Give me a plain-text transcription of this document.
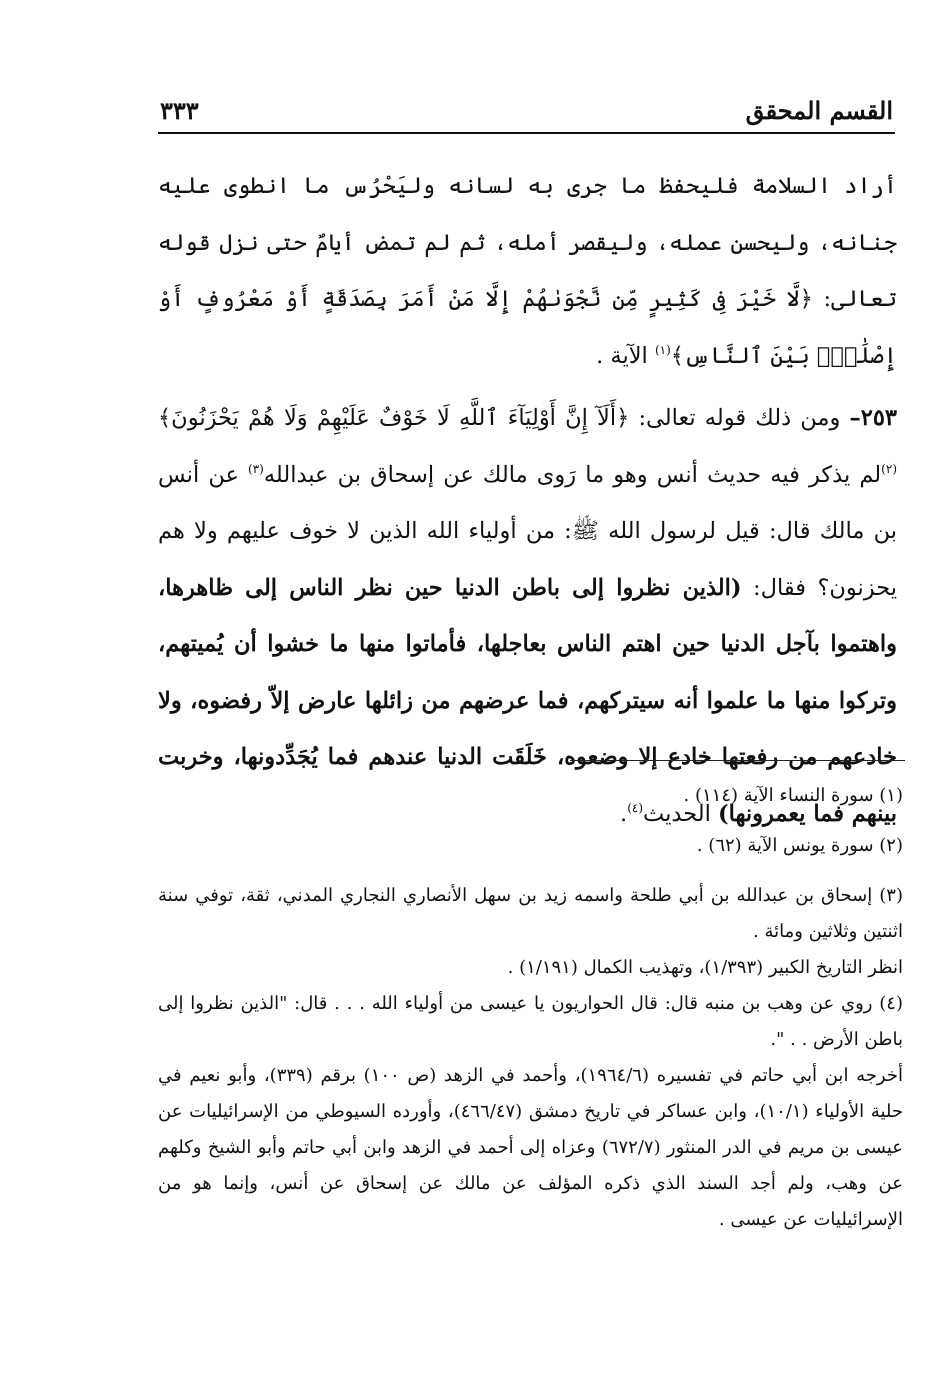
القسم المحقق
٣٣٣

أراد السلامة فليحفظ ما جرى به لسانه وليَحْرُس ما انطوى عليه جنانه، وليحسن عمله، وليقصر أمله، ثم لم تمض أيامٌ حتى نزل قوله تعالى: ﴿لَّا خَيْرَ فِى كَثِيرٍ مِّن نَّجْوَىٰهُمْ إِلَّا مَنْ أَمَرَ بِصَدَقَةٍ أَوْ مَعْرُوفٍ أَوْ إِصْلَٰحٍۭ بَيْنَ ٱلنَّاسِ﴾$^{(١)}$ الآية .

٢٥٣– ومن ذلك قوله تعالى: ﴿أَلَآ إِنَّ أَوْلِيَآءَ ٱللَّهِ لَا خَوْفٌ عَلَيْهِمْ وَلَا هُمْ يَحْزَنُونَ﴾$^{(٢)}$لم يذكر فيه حديث أنس وهو ما رَوى مالك عن إسحاق بن عبدالله$^{(٣)}$ عن أنس بن مالك قال: قيل لرسول الله ﷺ: من أولياء الله الذين لا خوف عليهم ولا هم يحزنون؟ فقال: (الذين نظروا إلى باطن الدنيا حين نظر الناس إلى ظاهرها، واهتموا بآجل الدنيا حين اهتم الناس بعاجلها، فأماتوا منها ما خشوا أن يُميتهم، وتركوا منها ما علموا أنه سيتركهم، فما عرضهم من زائلها عارض إلاّ رفضوه، ولا خادعهم من رفعتها خادع إلا وضعوه، خَلَقَت الدنيا عندهم فما يُجَدِّدونها، وخربت بينهم فما يعمرونها) الحديث$^{(٤)}$.

(١) سورة النساء الآية (١١٤) .

(٢) سورة يونس الآية (٦٢) .

(٣) إسحاق بن عبدالله بن أبي طلحة واسمه زيد بن سهل الأنصاري النجاري المدني، ثقة، توفي سنة اثنتين وثلاثين ومائة .

انظر التاريخ الكبير (١/٣٩٣)، وتهذيب الكمال (١/١٩١) .

(٤) روي عن وهب بن منبه قال: قال الحواريون يا عيسى من أولياء الله . . . قال: "الذين نظروا إلى باطن الأرض . . ".

أخرجه ابن أبي حاتم في تفسيره (١٩٦٤/٦)، وأحمد في الزهد (ص ١٠٠) برقم (٣٣٩)، وأبو نعيم في حلية الأولياء (١٠/١)، وابن عساكر في تاريخ دمشق (٤٦٦/٤٧)، وأورده السيوطي من الإسرائيليات عن عيسى بن مريم في الدر المنثور (٦٧٢/٧) وعزاه إلى أحمد في الزهد وابن أبي حاتم وأبو الشيخ وكلهم عن وهب، ولم أجد السند الذي ذكره المؤلف عن مالك عن إسحاق عن أنس، وإنما هو من الإسرائيليات عن عيسى .
